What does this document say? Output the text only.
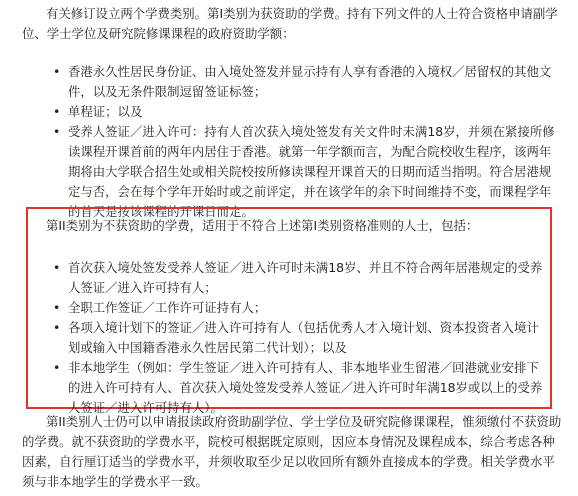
有关修订设立两个学费类别。第I类别为获资助的学费。持有下列文件的人士符合资格申请副学位、学士学位及研究院修课课程的政府资助学额：

• 香港永久性居民身份证、由入境处签发并显示持有人享有香港的入境权／居留权的其他文件，以及无条件限制逗留签证标签；
• 单程证；以及
• 受养人签证／进入许可：持有人首次获入境处签发有关文件时未满18岁，并须在紧接所修读课程开课首前的两年内居住于香港。就第一年学额而言，为配合院校收生程序，该两年期将由大学联合招生处或相关院校按所修读课程开课首天的日期而适当指明。符合居港规定与否，会在每个学年开始时或之前评定，并在该学年的余下时间维持不变，而课程学年的首天是按该课程的开课日而定。

第II类别为不获资助的学费，适用于不符合上述第I类别资格准则的人士，包括：

• 首次获入境处签发受养人签证／进入许可时未满18岁、并且不符合两年居港规定的受养人签证／进入许可持有人；
• 全职工作签证／工作许可证持有人；
• 各项入境计划下的签证／进入许可持有人（包括优秀人才入境计划、资本投资者入境计划或输入中国籍香港永久性居民第二代计划）；以及
• 非本地学生（例如：学生签证／进入许可持有人、非本地毕业生留港／回港就业安排下的进入许可持有人、首次获入境处签发受养人签证／进入许可时年满18岁或以上的受养人签证／进入许可持有人）。

第II类别人士仍可以申请报读政府资助副学位、学士学位及研究院修课课程，惟须缴付不获资助的学费。就不获资助的学费水平，院校可根据既定原则，因应本身情况及课程成本，综合考虑各种因素，自行厘订适当的学费水平，并须收取至少足以收回所有额外直接成本的学费。相关学费水平须与非本地学生的学费水平一致。
